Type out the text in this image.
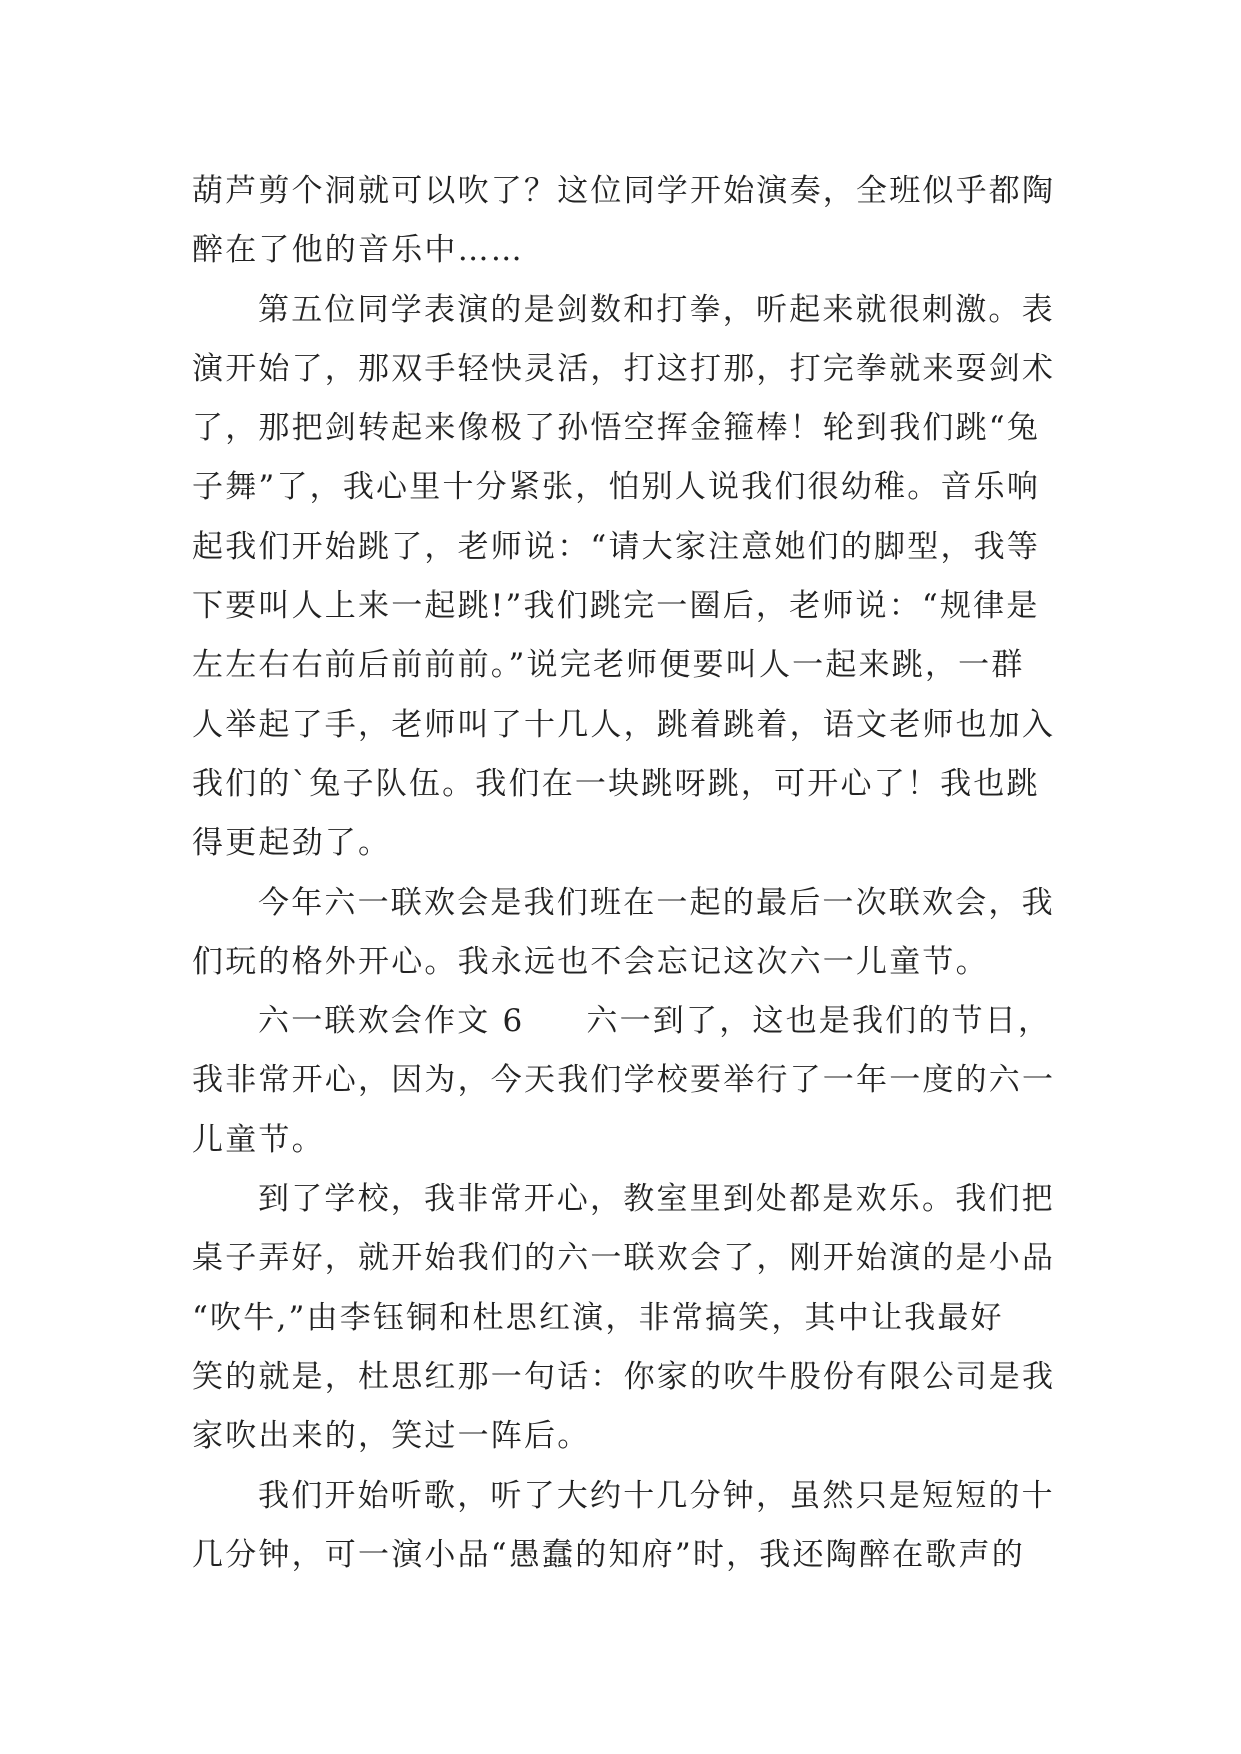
葫芦剪个洞就可以吹了？这位同学开始演奏，全班似乎都陶
醉在了他的音乐中……
第五位同学表演的是剑数和打拳，听起来就很刺激。表
演开始了，那双手轻快灵活，打这打那，打完拳就来耍剑术
了，那把剑转起来像极了孙悟空挥金箍棒！轮到我们跳“兔
子舞”了，我心里十分紧张，怕别人说我们很幼稚。音乐响
起我们开始跳了，老师说：“请大家注意她们的脚型，我等
下要叫人上来一起跳!”我们跳完一圈后，老师说：“规律是
左左右右前后前前前。”说完老师便要叫人一起来跳，一群
人举起了手，老师叫了十几人，跳着跳着，语文老师也加入
我们的`兔子队伍。我们在一块跳呀跳，可开心了！我也跳
得更起劲了。
今年六一联欢会是我们班在一起的最后一次联欢会，我
们玩的格外开心。我永远也不会忘记这次六一儿童节。
六一联欢会作文 6 六一到了，这也是我们的节日，
我非常开心，因为，今天我们学校要举行了一年一度的六一
儿童节。
到了学校，我非常开心，教室里到处都是欢乐。我们把
桌子弄好，就开始我们的六一联欢会了，刚开始演的是小品
“吹牛,”由李钰铜和杜思红演，非常搞笑，其中让我最好
笑的就是，杜思红那一句话：你家的吹牛股份有限公司是我
家吹出来的，笑过一阵后。
我们开始听歌，听了大约十几分钟，虽然只是短短的十
几分钟，可一演小品“愚蠢的知府”时，我还陶醉在歌声的
